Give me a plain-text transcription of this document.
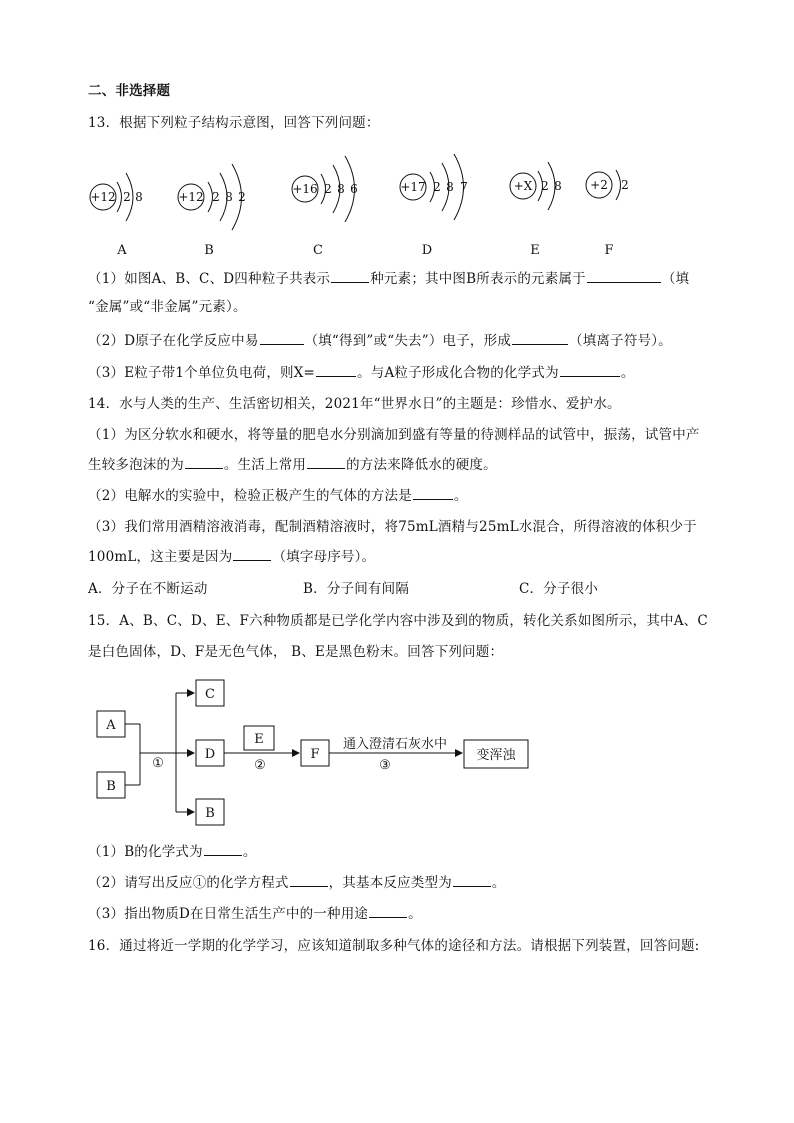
二、非选择题
13．根据下列粒子结构示意图，回答下列问题：
+12 2 8	+12 2 8 2
+16 2 8 6	+17 2 8 7	+X 2 8 +2 2
A	B	C	D	E	F
（1）如图A、B、C、D四种粒子共表示	种元素；其中图B所表示的元素属于	（填
“金属”或“非金属”元素）。
（2）D原子在化学反应中易	（填“得到”或“失去”）电子，形成	（填离子符号）。
（3）E粒子带1个单位负电荷，则X=	。与A粒子形成化合物的化学式为	。
14．水与人类的生产、生活密切相关，2021年“世界水日”的主题是：珍惜水、爱护水。
（1）为区分软水和硬水，将等量的肥皂水分别滴加到盛有等量的待测样品的试管中，振荡，试管中产
生较多泡沫的为	。生活上常用	的方法来降低水的硬度。
（2）电解水的实验中，检验正极产生的气体的方法是	。
（3）我们常用酒精溶液消毒，配制酒精溶液时，将75mL酒精与25mL水混合，所得溶液的体积少于
100mL，这主要是因为	（填字母序号）。
A．分子在不断运动	B．分子间有间隔	C．分子很小
15．A、B、C、D、E、F六种物质都是已学化学内容中涉及到的物质，转化关系如图所示，其中A、C
是白色固体，D、F是无色气体， B、E是黑色粉末。回答下列问题：
A
B
①
C
D
B
E
②
F
通入澄清石灰水中
③
变浑浊
（1）B的化学式为	。
（2）请写出反应①的化学方程式	，其基本反应类型为	。
（3）指出物质D在日常生活生产中的一种用途	。
16．通过将近一学期的化学学习，应该知道制取多种气体的途径和方法。请根据下列装置，回答问题:
